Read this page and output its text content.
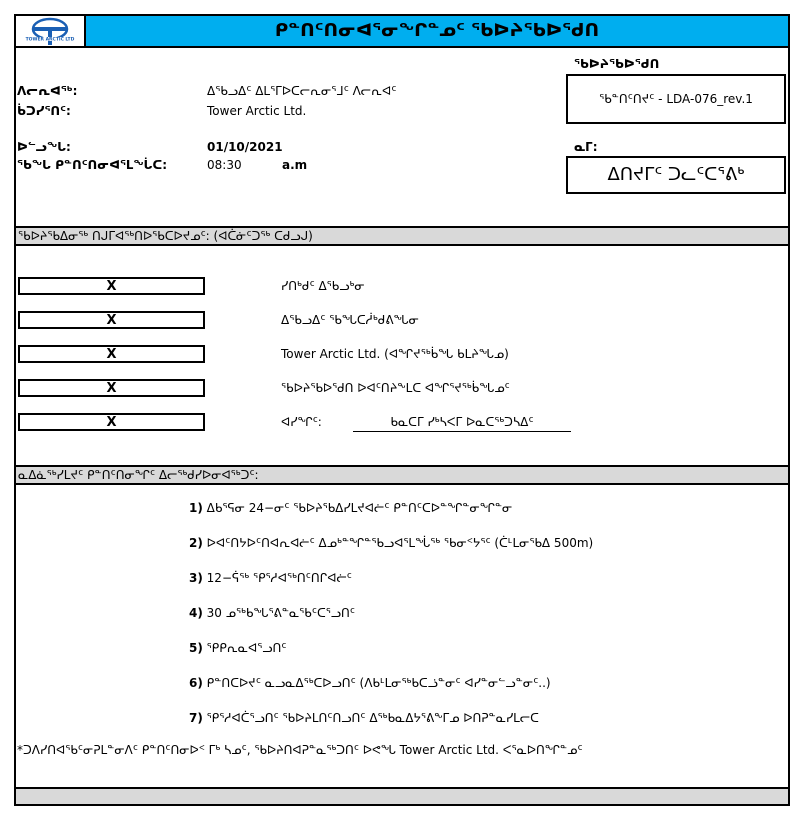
TOWER ARCTIC LTD	ᑭᓐᑎᑦᑎᓂᐊᕐᓂᖏᓐᓄᑦ ᖃᐅᔨᖃᐅᖁᑎ
ᖃᐅᔨᖃᐅᖁᑎ
ᖃᓐᑎᑦᑎᔪᑦ - LDA-076_rev.1
ᐱᓕᕆᐊᖅ:	ᐃᖃᓗᐃᑦ ᐃᒪᕐᒥᐅᑕᓕᕆᓂᕐᒧᑦ ᐱᓕᕆᐊᑦ
ᑳᑐᓯᕐᑎᑦ:	Tower Arctic Ltd.
ᐅᓪᓗᖓ:	01/10/2021
ᖃᖓ ᑭᓐᑎᑦᑎᓂᐊᕐᒪᖔᑕ:	08:30	a.m
ᓇᒥ:
ᐃᑎᔪᒥᑦ ᑐᓚᑦᑕᕐᕕᒃ
ᖃᐅᔨᖃᐃᓂᖅ ᑎᒍᒥᐊᖅᑎᐅᖃᑕᐅᔪᓄᑦ: (ᐊᑖᓃᑦᑐᖅ ᑕᑯᓗᒍ)
X	ᓯᑎᒃᑯᑦ ᐃᖃᓗᒃᓂ
X	ᐃᖃᓗᐃᑦ ᖃᖓᑕᓲᒃᑯᕕᖓᓂ
X	Tower Arctic Ltd. (ᐊᖏᔪᖅᑳᖓ ᑲᒪᔨᖓᓄ)
X	ᖃᐅᔨᖃᐅᖁᑎ ᐅᐊᑦᑎᔨᖕᒪᑕ ᐊᖏᕐᔪᖅᑳᖓᓄᑦ
X	ᐊᓯᖏᑦ:	ᑲᓇᑕᒥ ᓯᒃᓴᐸᒥ ᐅᓇᑕᖅᑐᓴᐃᑦ
ᓇᐃᓈᖅᓯᒪᔪᑦ ᑭᓐᑎᑦᑎᓂᖏᑦ ᐃᓕᖅᑯᓯᐅᓂᐊᖅᑐᑦ:
1) ᐃᑲᕐᕋᓂ 24−ᓂᑦ ᖃᐅᔨᖃᐃᓯᒪᔪᐊᓖᑦ ᑭᓐᑎᑦᑕᐅᓐᖏᓐᓂᖏᓐᓂ
2) ᐅᐊᑦᑎᔭᐅᑦᑎᐊᕆᐊᓖᑦ ᐃᓄᒃᓐᖏᓐᖃᓗᐊᕐᒪᖔᖅ ᖃᓂᑉᔭᕐᑦ (ᑖᒻᒪᓂᖃᐃ 500m)
3) 12−ᕌᖅ ᕿᕐᓱᐊᖅᑎᑦᑎᒋᐊᓖᑦ
4) 30 ᓄᖅᑲᖓᕐᕕᓐᓇᖃᑦᑕᕐᓗᑎᑦ
5) ᕿᑭᕆᓇᐊᕐᓗᑎᑦ
6) ᑭᓐᑎᑕᐅᔪᑦ ᓇᓗᓇᐃᖅᑕᐅᓗᑎᑦ (ᐱᑲᒻᒪᓂᖅᑲᑕᓘᓐᓂᑦ ᐊᓯᓐᓂᓪᓗᓐᓂᑦ..)
7) ᕿᕐᓱᐊᑖᕐᓗᑎᑦ ᖃᐅᔨᒪᑎᑦᑎᓗᑎᑦ ᐃᖅᑲᓇᐃᔭᕐᕕᖕᒥᓄ ᐅᑎᕈᓐᓇᓯᒪᓕᑕ
*ᑐᐱᓯᑎᐊᖃᑦᓂᕈᒪᓐᓂᐱᑦ ᑭᓐᑎᑦᑎᓂᐅᑉ ᒥᒃ ᓴᓄᑦ, ᖃᐅᔨᑎᐊᕈᓐᓇᖅᑐᑎᑦ ᐅᕙᖓ Tower Arctic Ltd. ᐸᕐᓇᐅᑎᖏᓐᓄᑦ
